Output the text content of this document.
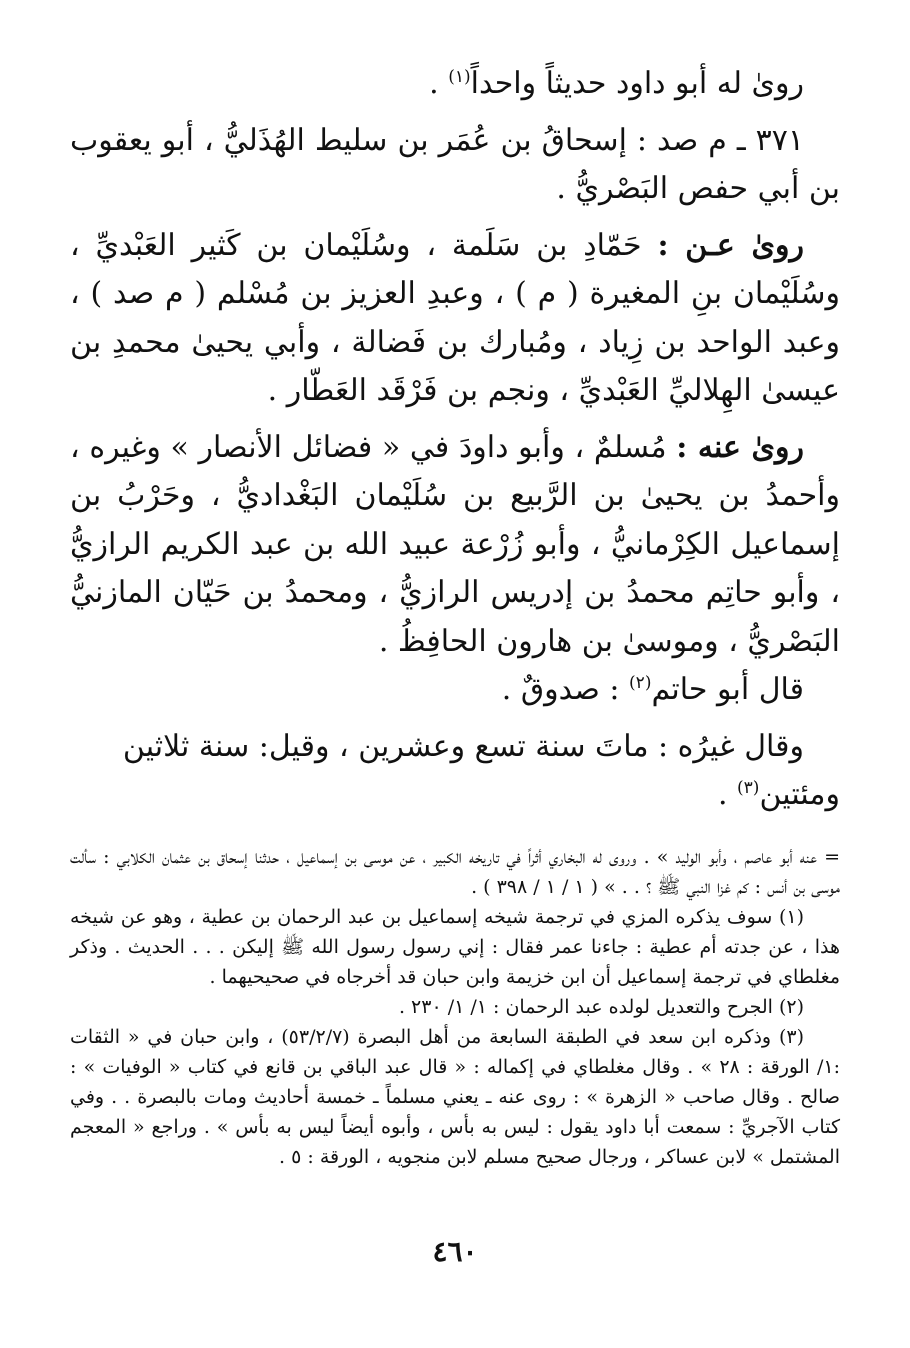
روىٰ له أبو داود حديثاً واحداً$^{(١)}$ .

٣٧١ ـ م صد : إسحاقُ بن عُمَر بن سليط الهُذَليُّ ، أبو يعقوب بن أبي حفص البَصْريُّ .

روىٰ عـن : حَمّادِ بن سَلَمة ، وسُلَيْمان بن كَثير العَبْديِّ ، وسُلَيْمان بنِ المغيرة ( م ) ، وعبدِ العزيز بن مُسْلم ( م صد ) ، وعبد الواحد بن زِياد ، ومُبارك بن فَضالة ، وأبي يحيىٰ محمدِ بن عيسىٰ الهِلاليِّ العَبْديِّ ، ونجم بن فَرْقَد العَطّار .

روىٰ عنه : مُسلمٌ ، وأبو داودَ في « فضائل الأنصار » وغيره ، وأحمدُ بن يحيىٰ بن الرَّبيع بن سُلَيْمان البَغْداديُّ ، وحَرْبُ بن إسماعيل الكِرْمانيُّ ، وأبو زُرْعة عبيد الله بن عبد الكريم الرازيُّ ، وأبو حاتِم محمدُ بن إدريس الرازيُّ ، ومحمدُ بن حَيّان المازنيُّ البَصْريُّ ، وموسىٰ بن هارون الحافِظُ .

قال أبو حاتم$^{(٢)}$ : صدوقٌ .

وقال غيرُه : ماتَ سنة تسع وعشرين ، وقيل: سنة ثلاثين ومئتين$^{(٣)}$ .

= عنه أبو عاصم ، وأبو الوليد » . وروى له البخاري أثراً في تاريخه الكبير ، عن موسى بن إسماعيل ، حدثنا إسحاق بن عثمان الكلابي : سألت موسى بن أنس : كم غزا النبي ﷺ ؟ . . » ( ١ / ١ / ٣٩٨ ) .

(١) سوف يذكره المزي في ترجمة شيخه إسماعيل بن عبد الرحمان بن عطية ، وهو عن شيخه هذا ، عن جدته أم عطية : جاءنا عمر فقال : إني رسول رسول الله ﷺ إليكن . . . الحديث . وذكر مغلطاي في ترجمة إسماعيل أن ابن خزيمة وابن حبان قد أخرجاه في صحيحيهما .

(٢) الجرح والتعديل لولده عبد الرحمان : ١/ ١/ ٢٣٠ .

(٣) وذكره ابن سعد في الطبقة السابعة من أهل البصرة (٥٣/٢/٧) ، وابن حبان في « الثقات :١/ الورقة : ٢٨ » . وقال مغلطاي في إكماله : « قال عبد الباقي بن قانع في كتاب « الوفيات » : صالح . وقال صاحب « الزهرة » : روى عنه ـ يعني مسلماً ـ خمسة أحاديث ومات بالبصرة . . وفي كتاب الآجريِّ : سمعت أبا داود يقول : ليس به بأس ، وأبوه أيضاً ليس به بأس » . وراجع « المعجم المشتمل » لابن عساكر ، ورجال صحيح مسلم لابن منجويه ، الورقة : ٥ .

٤٦٠
